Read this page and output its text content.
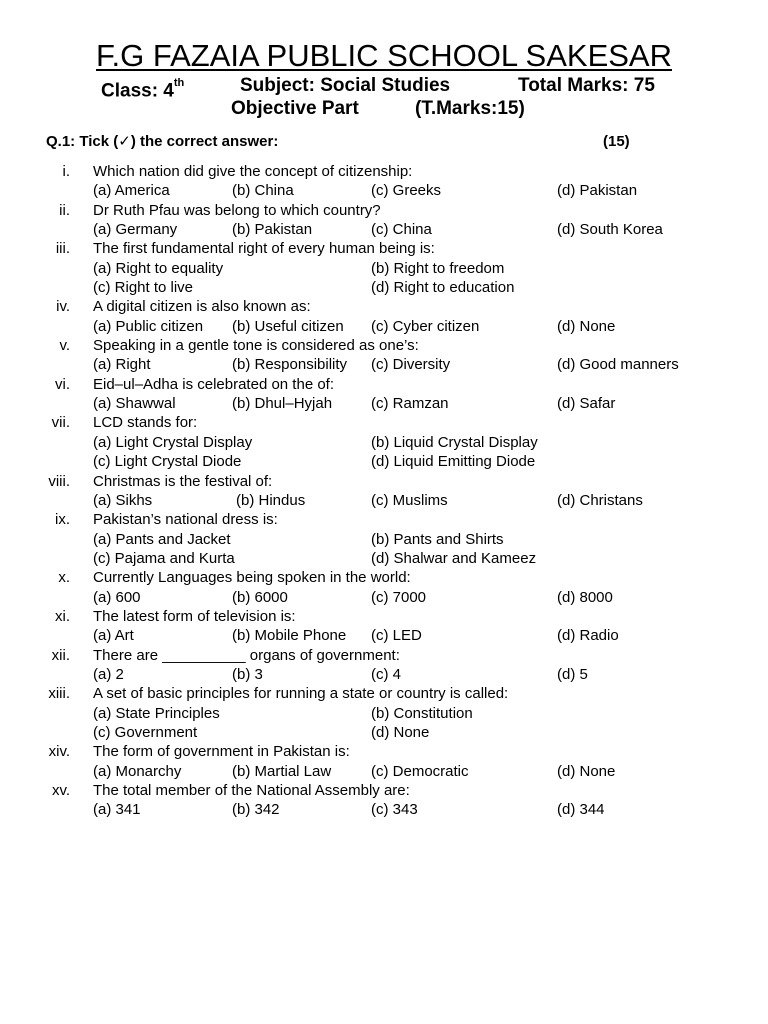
F.G FAZAIA PUBLIC SCHOOL SAKESAR
Class: 4th	Subject: Social Studies	Total Marks: 75
Objective Part	(T.Marks:15)
Q.1: Tick (✓) the correct answer:	(15)
i. Which nation did give the concept of citizenship:
(a) America	(b) China	(c) Greeks	(d) Pakistan
ii. Dr Ruth Pfau was belong to which country?
(a) Germany	(b) Pakistan	(c) China	(d) South Korea
iii. The first fundamental right of every human being is:
(a) Right to equality	(b) Right to freedom
(c) Right to live	(d) Right to education
iv. A digital citizen is also known as:
(a) Public citizen (b) Useful citizen (c) Cyber citizen	(d) None
v. Speaking in a gentle tone is considered as one’s:
(a) Right	(b) Responsibility (c) Diversity	(d) Good manners
vi. Eid–ul–Adha is celebrated on the of:
(a) Shawwal	(b) Dhul–Hyjah	(c) Ramzan	(d) Safar
vii. LCD stands for:
(a) Light Crystal Display	(b) Liquid Crystal Display
(c) Light Crystal Diode	(d) Liquid Emitting Diode
viii. Christmas is the festival of:
(a) Sikhs	(b) Hindus	(c) Muslims	(d) Christans
ix. Pakistan’s national dress is:
(a) Pants and Jacket	(b) Pants and Shirts
(c) Pajama and Kurta	(d) Shalwar and Kameez
x. Currently Languages being spoken in the world:
(a) 600	(b) 6000	(c) 7000	(d) 8000
xi. The latest form of television is:
(a) Art	(b) Mobile Phone (c) LED	(d) Radio
xii. There are __________ organs of government:
(a) 2	(b) 3	(c) 4	(d) 5
xiii. A set of basic principles for running a state or country is called:
(a) State Principles	(b) Constitution
(c) Government	(d) None
xiv. The form of government in Pakistan is:
(a) Monarchy	(b) Martial Law	(c) Democratic	(d) None
xv. The total member of the National Assembly are:
(a) 341	(b) 342	(c) 343	(d) 344
